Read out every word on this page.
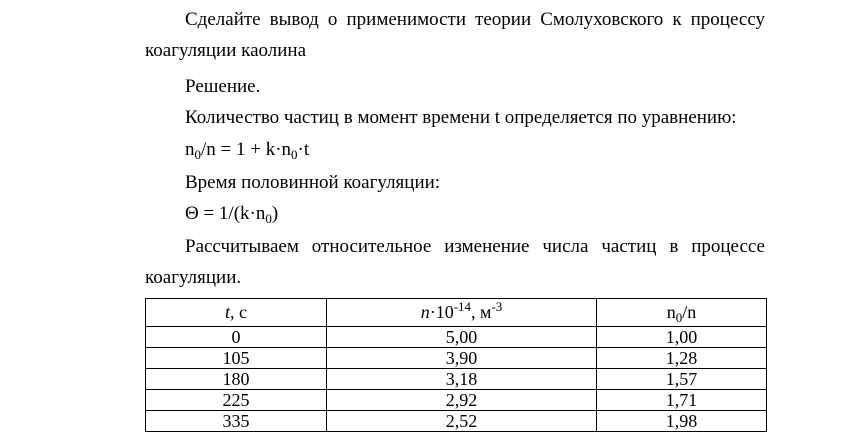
Сделайте вывод о применимости теории Смолуховского к процессу
коагуляции каолина
Решение.
Количество частиц в момент времени t определяется по уравнению:
$n_0/n = 1 + k\cdot n_0\cdot t$
Время половинной коагуляции:
$\Theta = 1/(k\cdot n_0)$
Рассчитываем относительное изменение числа частиц в процессе
коагуляции.
t, с	$n\cdot 10^{-14}$, $м^{-3}$	$n_0/n$
0	5,00	1,00
105	3,90	1,28
180	3,18	1,57
225	2,92	1,71
335	2,52	1,98
